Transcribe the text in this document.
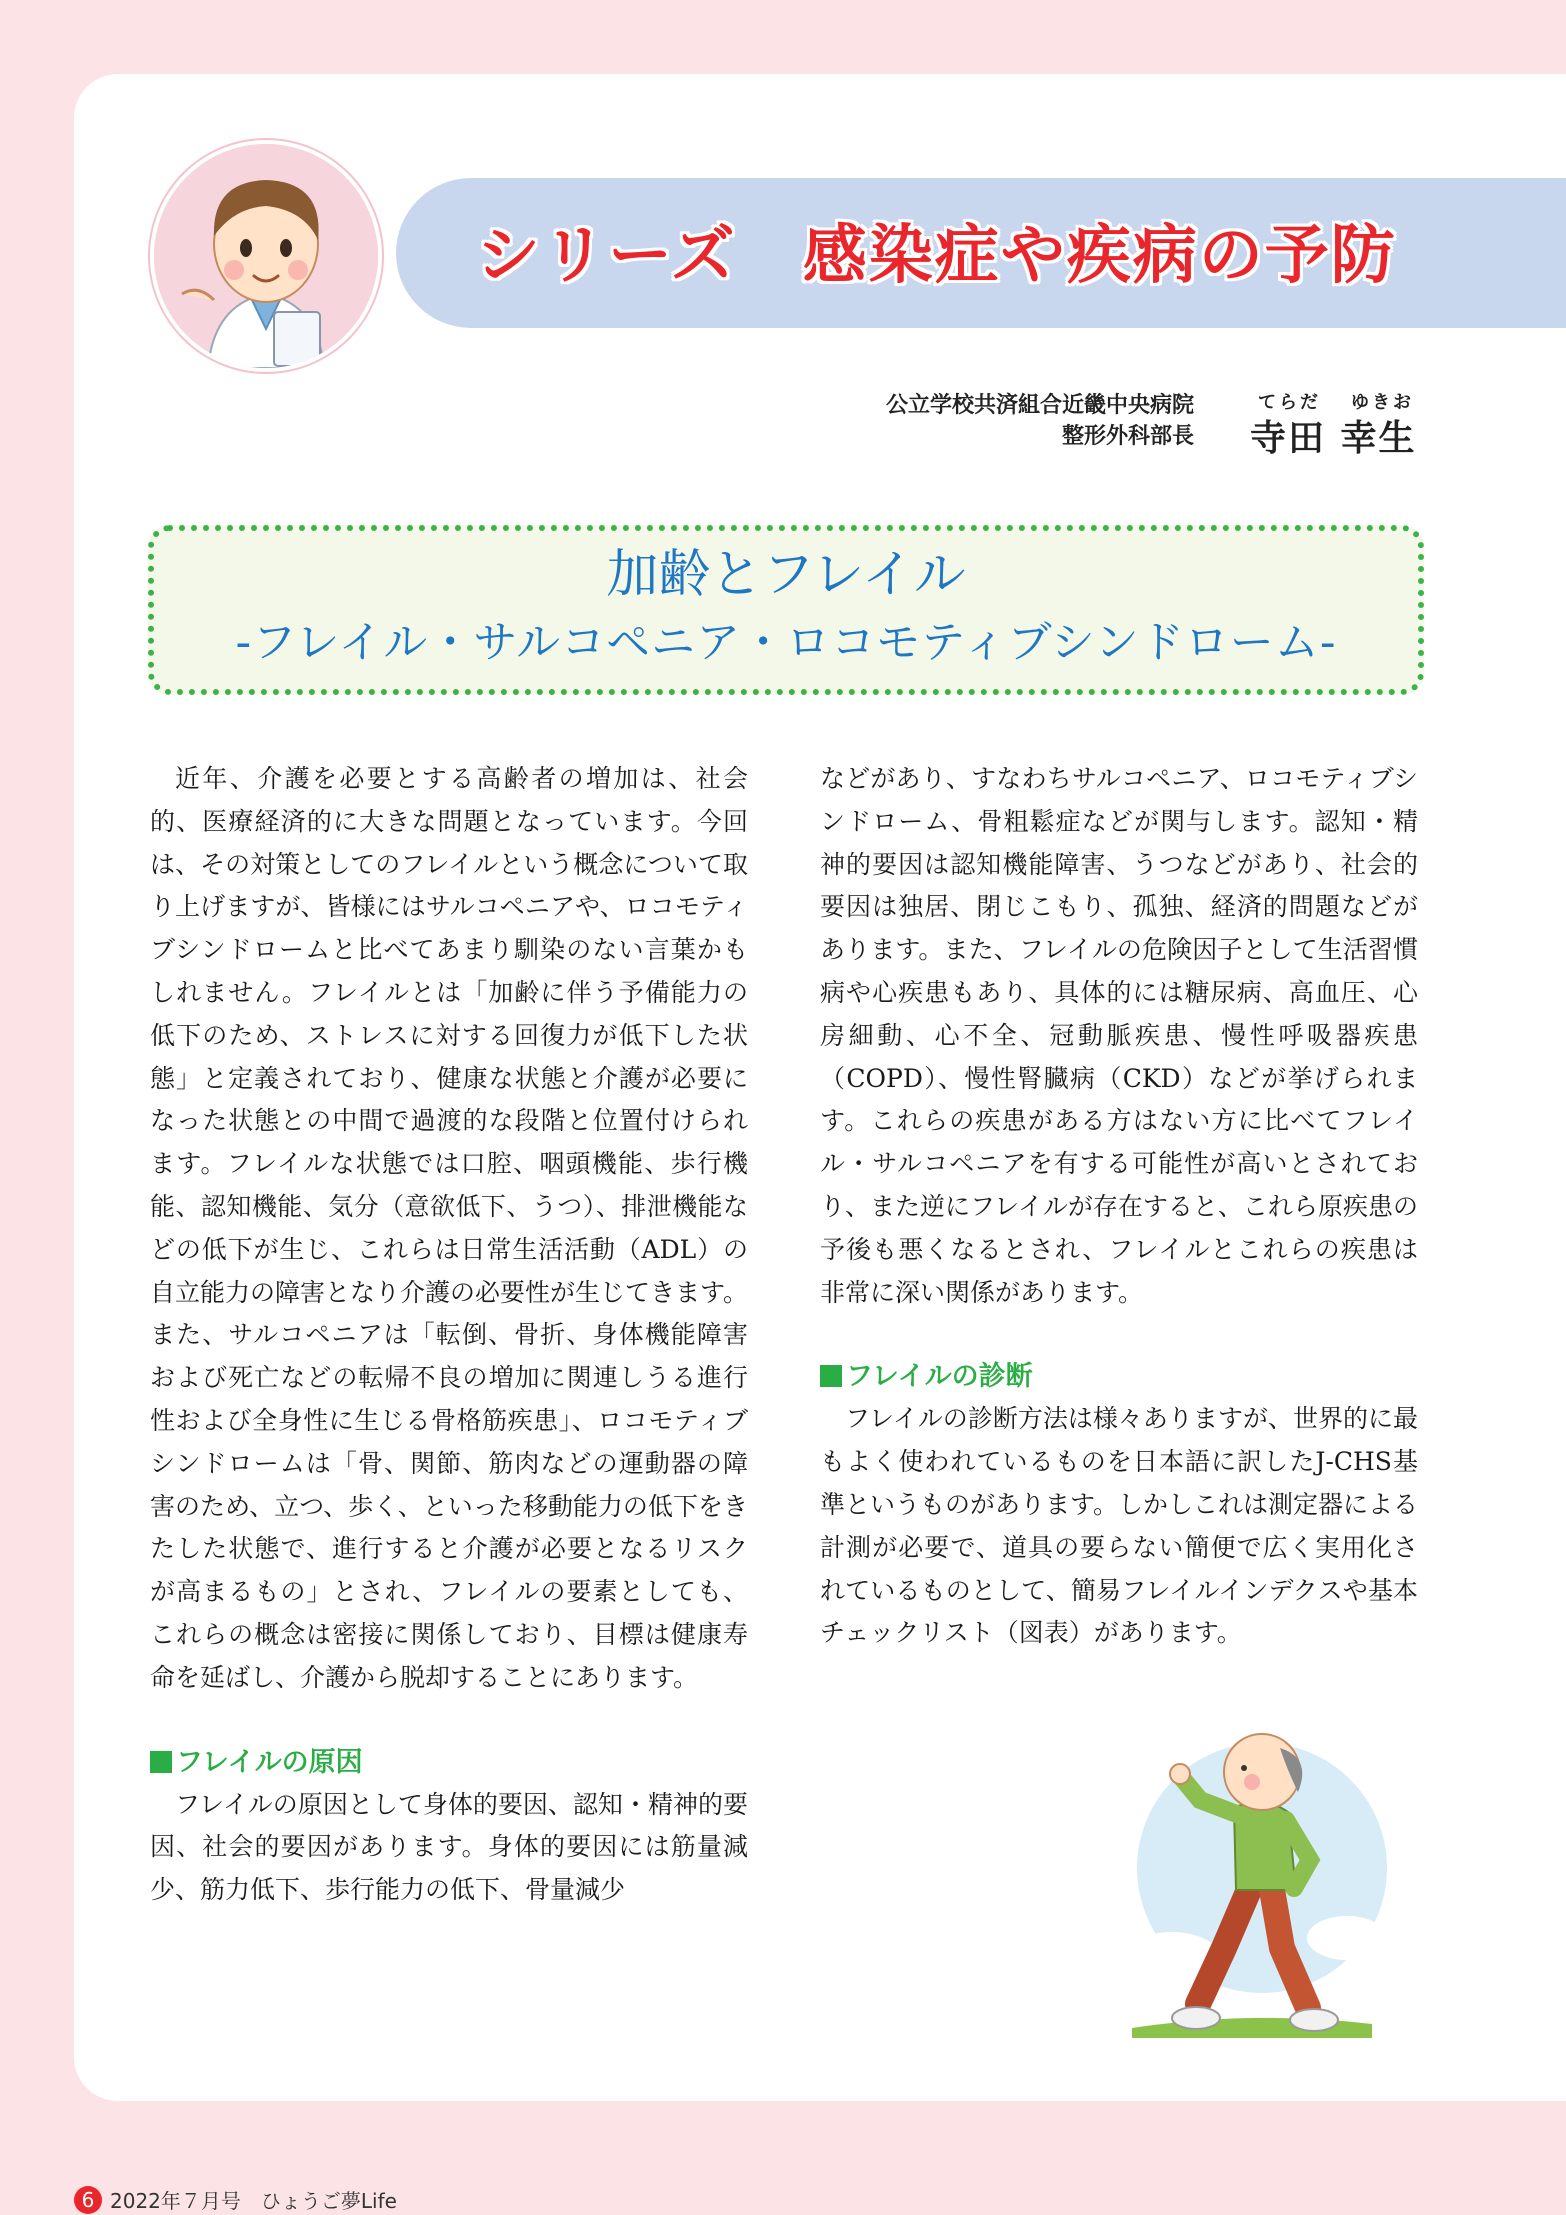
シリーズ　感染症や疾病の予防
公立学校共済組合近畿中央病院
整形外科部長
てらだ ゆきお
寺田 幸生
加齢とフレイル
-フレイル・サルコペニア・ロコモティブシンドローム-

近年、介護を必要とする高齢者の増加は、社会的、医療経済的に大きな問題となっています。今回は、その対策としてのフレイルという概念について取り上げますが、皆様にはサルコペニアや、ロコモティブシンドロームと比べてあまり馴染のない言葉かもしれません。フレイルとは「加齢に伴う予備能力の低下のため、ストレスに対する回復力が低下した状態」と定義されており、健康な状態と介護が必要になった状態との中間で過渡的な段階と位置付けられます。フレイルな状態では口腔、咽頭機能、歩行機能、認知機能、気分（意欲低下、うつ）、排泄機能などの低下が生じ、これらは日常生活活動（ADL）の自立能力の障害となり介護の必要性が生じてきます。また、サルコペニアは「転倒、骨折、身体機能障害および死亡などの転帰不良の増加に関連しうる進行性および全身性に生じる骨格筋疾患」、ロコモティブシンドロームは「骨、関節、筋肉などの運動器の障害のため、立つ、歩く、といった移動能力の低下をきたした状態で、進行すると介護が必要となるリスクが高まるもの」とされ、フレイルの要素としても、これらの概念は密接に関係しており、目標は健康寿命を延ばし、介護から脱却することにあります。

フレイルの原因

フレイルの原因として身体的要因、認知・精神的要因、社会的要因があります。身体的要因には筋量減少、筋力低下、歩行能力の低下、骨量減少

などがあり、すなわちサルコペニア、ロコモティブシンドローム、骨粗鬆症などが関与します。認知・精神的要因は認知機能障害、うつなどがあり、社会的要因は独居、閉じこもり、孤独、経済的問題などがあります。また、フレイルの危険因子として生活習慣病や心疾患もあり、具体的には糖尿病、高血圧、心房細動、心不全、冠動脈疾患、慢性呼吸器疾患（COPD）、慢性腎臓病（CKD）などが挙げられます。これらの疾患がある方はない方に比べてフレイル・サルコペニアを有する可能性が高いとされており、また逆にフレイルが存在すると、これら原疾患の予後も悪くなるとされ、フレイルとこれらの疾患は非常に深い関係があります。

フレイルの診断

フレイルの診断方法は様々ありますが、世界的に最もよく使われているものを日本語に訳したJ-CHS基準というものがあります。しかしこれは測定器による計測が必要で、道具の要らない簡便で広く実用化されているものとして、簡易フレイルインデクスや基本チェックリスト（図表）があります。

6 2022年７月号　ひょうご夢Life
